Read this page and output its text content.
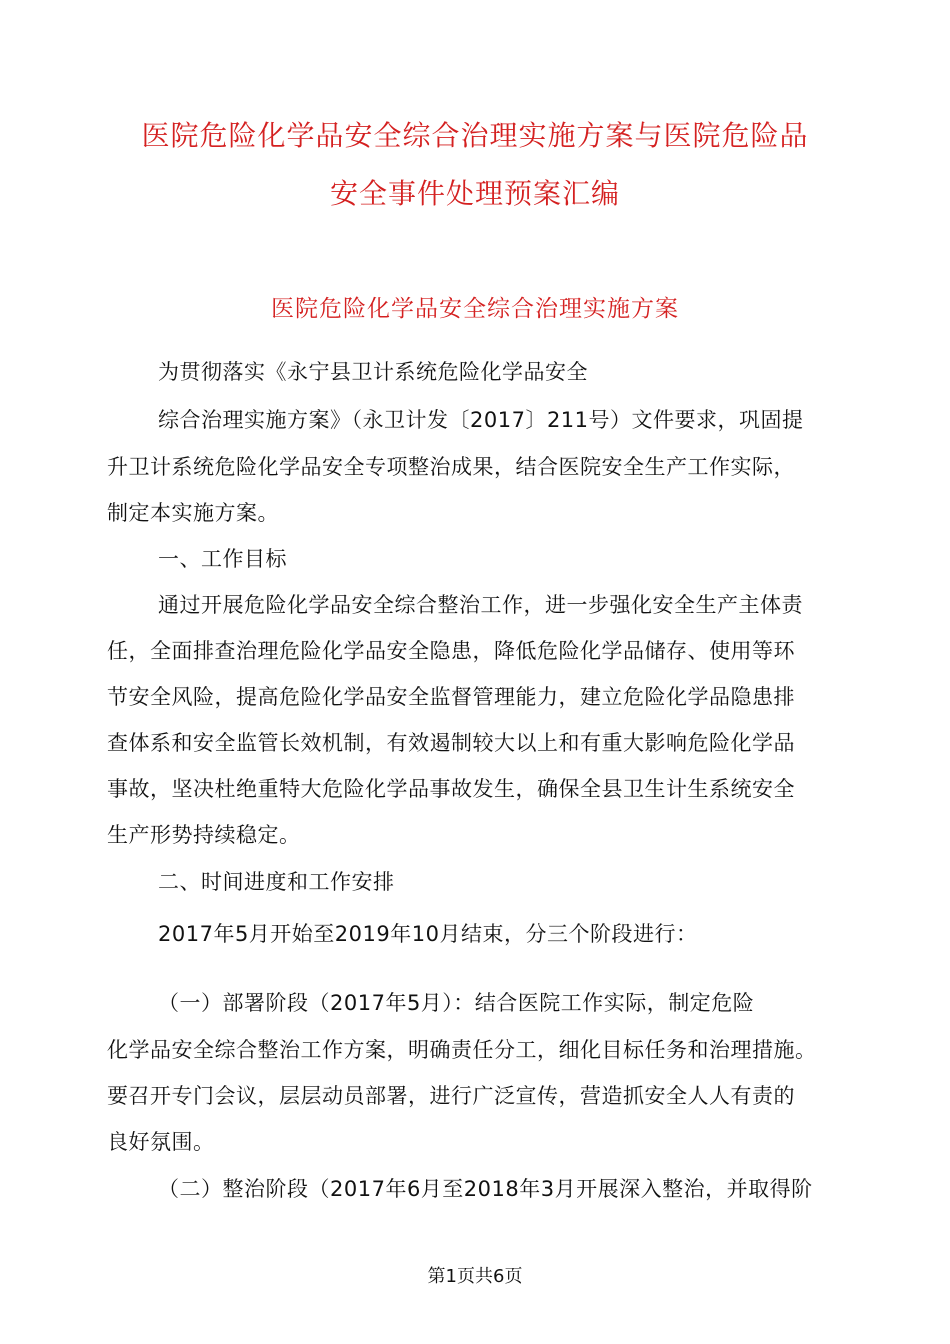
医院危险化学品安全综合治理实施方案与医院危险品
安全事件处理预案汇编
医院危险化学品安全综合治理实施方案
为贯彻落实《永宁县卫计系统危险化学品安全
综合治理实施方案》（永卫计发〔2017〕211号）文件要求，巩固提
升卫计系统危险化学品安全专项整治成果，结合医院安全生产工作实际，
制定本实施方案。
一、工作目标
通过开展危险化学品安全综合整治工作，进一步强化安全生产主体责
任，全面排查治理危险化学品安全隐患，降低危险化学品储存、使用等环
节安全风险，提高危险化学品安全监督管理能力，建立危险化学品隐患排
查体系和安全监管长效机制，有效遏制较大以上和有重大影响危险化学品
事故，坚决杜绝重特大危险化学品事故发生，确保全县卫生计生系统安全
生产形势持续稳定。
二、时间进度和工作安排
2017年5月开始至2019年10月结束，分三个阶段进行：
（一）部署阶段（2017年5月）：结合医院工作实际，制定危险
化学品安全综合整治工作方案，明确责任分工，细化目标任务和治理措施。
要召开专门会议，层层动员部署，进行广泛宣传，营造抓安全人人有责的
良好氛围。
（二）整治阶段（2017年6月至2018年3月开展深入整治，并取得阶
第1页共6页
